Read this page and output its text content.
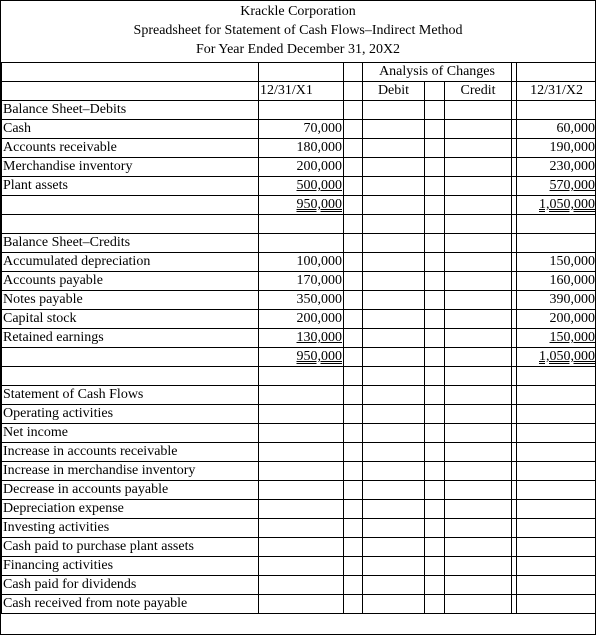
Krackle Corporation
Spreadsheet for Statement of Cash Flows–Indirect Method
For Year Ended December 31, 20X2
			Analysis of Changes				
	12/31/X1		Debit		Credit		12/31/X2
Balance Sheet–Debits							
Cash	70,000						60,000
Accounts receivable	180,000						190,000
Merchandise inventory	200,000						230,000
Plant assets	500,000						570,000
	950,000						1,050,000

Balance Sheet–Credits							
Accumulated depreciation	100,000						150,000
Accounts payable	170,000						160,000
Notes payable	350,000						390,000
Capital stock	200,000						200,000
Retained earnings	130,000						150,000
	950,000						1,050,000

Statement of Cash Flows							
Operating activities							
Net income							
Increase in accounts receivable							
Increase in merchandise inventory							
Decrease in accounts payable							
Depreciation expense							
Investing activities							
Cash paid to purchase plant assets							
Financing activities							
Cash paid for dividends							
Cash received from note payable							
